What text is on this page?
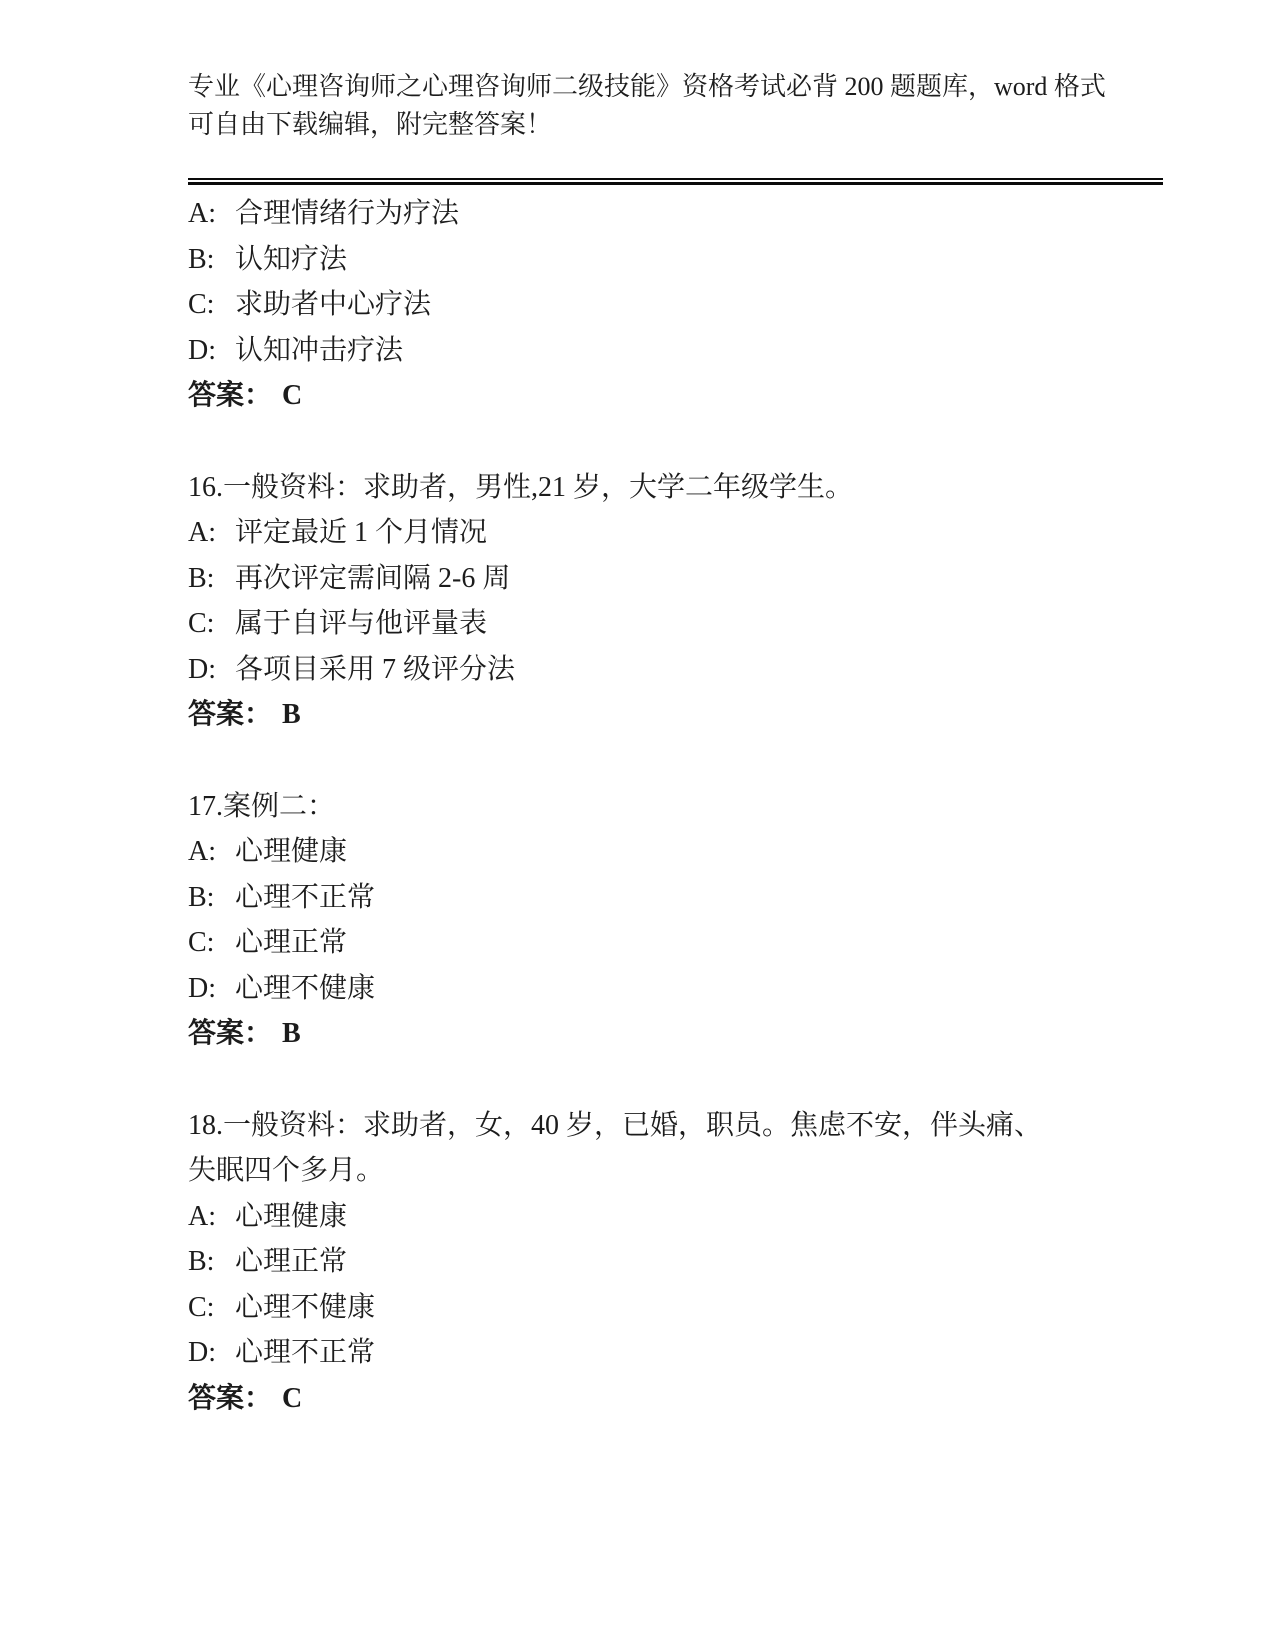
专业《心理咨询师之心理咨询师二级技能》资格考试必背 200 题题库，word 格式
可自由下载编辑，附完整答案！

A: 合理情绪行为疗法

B: 认知疗法

C: 求助者中心疗法

D: 认知冲击疗法

答案： C

16.一般资料：求助者，男性,21 岁，大学二年级学生。

A: 评定最近 1 个月情况

B: 再次评定需间隔 2-6 周

C: 属于自评与他评量表

D: 各项目采用 7 级评分法

答案： B

17.案例二：

A: 心理健康

B: 心理不正常

C: 心理正常

D: 心理不健康

答案： B

18.一般资料：求助者，女，40 岁，已婚，职员。焦虑不安，伴头痛、

失眠四个多月。

A: 心理健康

B: 心理正常

C: 心理不健康

D: 心理不正常

答案： C
